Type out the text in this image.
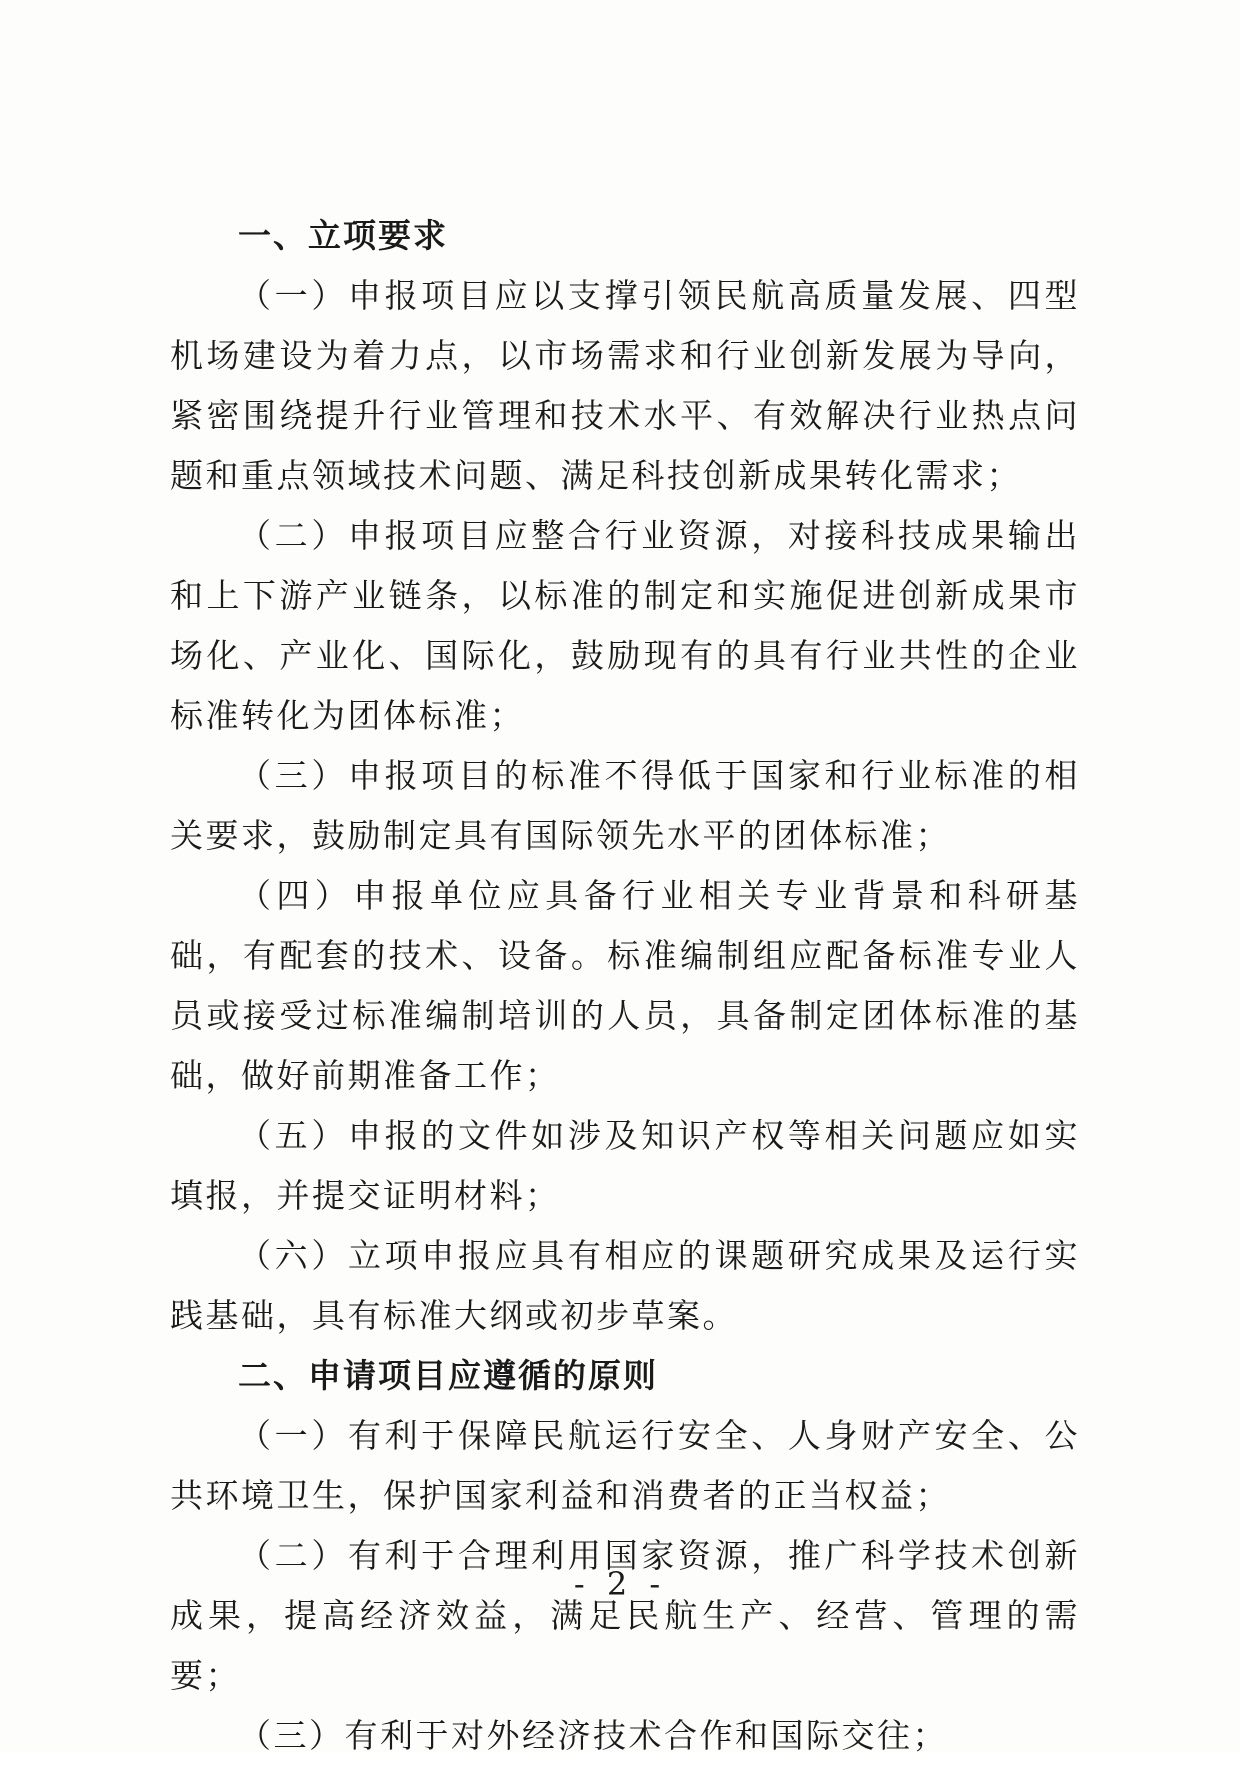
一、立项要求

（一）申报项目应以支撑引领民航高质量发展、四型机场建设为着力点，以市场需求和行业创新发展为导向，紧密围绕提升行业管理和技术水平、有效解决行业热点问题和重点领域技术问题、满足科技创新成果转化需求；

（二）申报项目应整合行业资源，对接科技成果输出和上下游产业链条，以标准的制定和实施促进创新成果市场化、产业化、国际化，鼓励现有的具有行业共性的企业标准转化为团体标准；

（三）申报项目的标准不得低于国家和行业标准的相关要求，鼓励制定具有国际领先水平的团体标准；

（四）申报单位应具备行业相关专业背景和科研基础，有配套的技术、设备。标准编制组应配备标准专业人员或接受过标准编制培训的人员，具备制定团体标准的基础，做好前期准备工作；

（五）申报的文件如涉及知识产权等相关问题应如实填报，并提交证明材料；

（六）立项申报应具有相应的课题研究成果及运行实践基础，具有标准大纲或初步草案。

二、申请项目应遵循的原则

（一）有利于保障民航运行安全、人身财产安全、公共环境卫生，保护国家利益和消费者的正当权益；

（二）有利于合理利用国家资源，推广科学技术创新成果，提高经济效益，满足民航生产、经营、管理的需要；

（三）有利于对外经济技术合作和国际交往；

- 2 -
